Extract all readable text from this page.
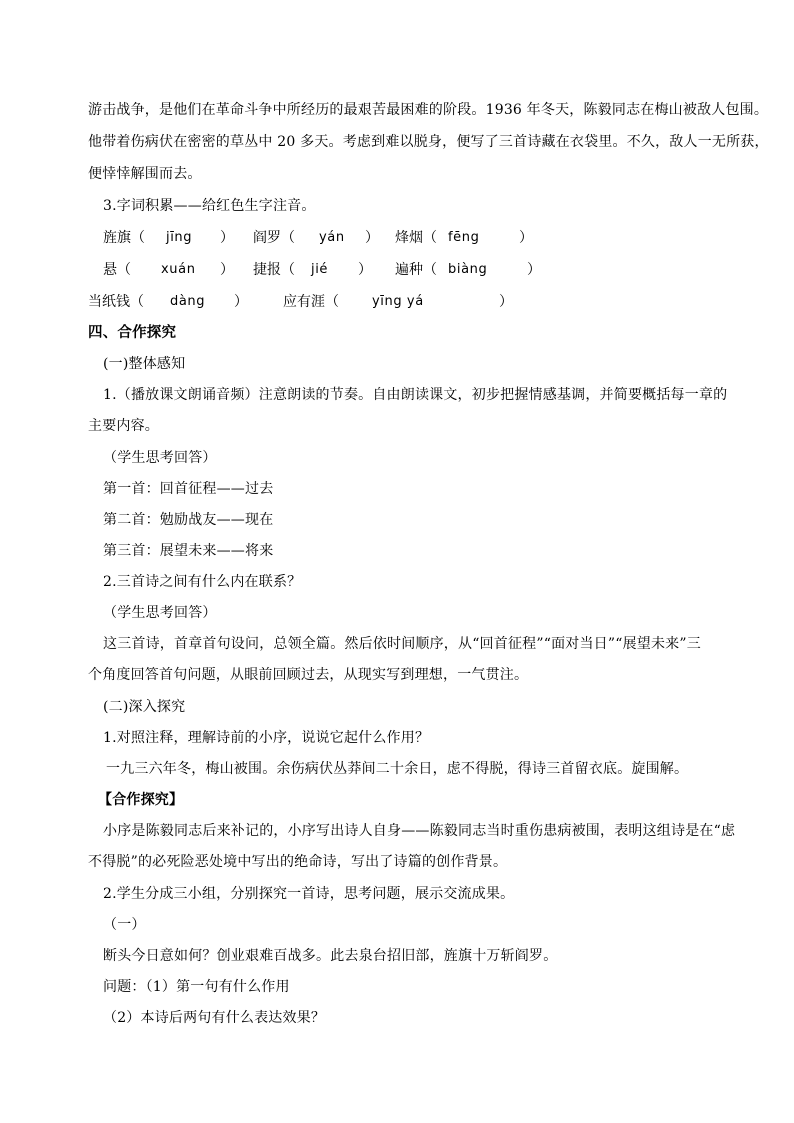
游击战争，是他们在革命斗争中所经历的最艰苦最困难的阶段。1936 年冬天，陈毅同志在梅山被敌人包围。
他带着伤病伏在密密的草丛中 20 多天。考虑到难以脱身，便写了三首诗藏在衣袋里。不久，敌人一无所获，
便悻悻解围而去。
3.字词积累——给红色生字注音。
旌旗（ jīng ） 阎罗（ yán ） 烽烟（ fēng	）
悬（ xuán ） 捷报（ jié ） 遍种（ biàng	）
当纸钱（ dàng ）	应有涯（	yīng yá	）
四、合作探究
(一)整体感知
1.（播放课文朗诵音频）注意朗读的节奏。自由朗读课文，初步把握情感基调，并简要概括每一章的
主要内容。
（学生思考回答）
第一首：回首征程——过去
第二首：勉励战友——现在
第三首：展望未来——将来
2.三首诗之间有什么内在联系？
（学生思考回答）
这三首诗，首章首句设问，总领全篇。然后依时间顺序，从“回首征程”“面对当日”“展望未来”三
个角度回答首句问题，从眼前回顾过去，从现实写到理想，一气贯注。
(二)深入探究
1.对照注释，理解诗前的小序，说说它起什么作用？
一九三六年冬，梅山被围。余伤病伏丛莽间二十余日，虑不得脱，得诗三首留衣底。旋围解。
【合作探究】
小序是陈毅同志后来补记的，小序写出诗人自身——陈毅同志当时重伤患病被围，表明这组诗是在“虑
不得脱”的必死险恶处境中写出的绝命诗，写出了诗篇的创作背景。
2.学生分成三小组，分别探究一首诗，思考问题，展示交流成果。
（一）
断头今日意如何？创业艰难百战多。此去泉台招旧部，旌旗十万斩阎罗。
问题：（1）第一句有什么作用
（2）本诗后两句有什么表达效果？
